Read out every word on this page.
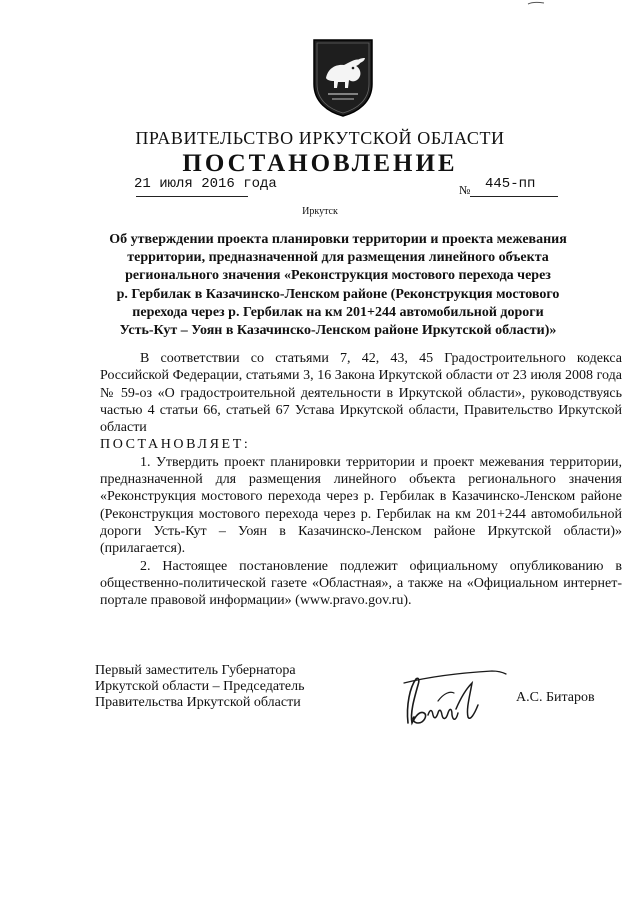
ПРАВИТЕЛЬСТВО ИРКУТСКОЙ ОБЛАСТИ
ПОСТАНОВЛЕНИЕ
21 июля 2016 года	№ 445-пп
Иркутск
Об утверждении проекта планировки территории и проекта межевания
территории, предназначенной для размещения линейного объекта
регионального значения «Реконструкция мостового перехода через
р. Гербилак в Казачинско-Ленском районе (Реконструкция мостового
перехода через р. Гербилак на км 201+244 автомобильной дороги
Усть-Кут – Уоян в Казачинско-Ленском районе Иркутской области)»

В соответствии со статьями 7, 42, 43, 45 Градостроительного кодекса Российской Федерации, статьями 3, 16 Закона Иркутской области от 23 июля 2008 года № 59-оз «О градостроительной деятельности в Иркутской области», руководствуясь частью 4 статьи 66, статьей 67 Устава Иркутской области, Правительство Иркутской области

ПОСТАНОВЛЯЕТ:

1. Утвердить проект планировки территории и проект межевания территории, предназначенной для размещения линейного объекта регионального значения «Реконструкция мостового перехода через р. Гербилак в Казачинско-Ленском районе (Реконструкция мостового перехода через р. Гербилак на км 201+244 автомобильной дороги Усть-Кут – Уоян в Казачинско-Ленском районе Иркутской области)» (прилагается).

2. Настоящее постановление подлежит официальному опубликованию в общественно-политической газете «Областная», а также на «Официальном интернет-портале правовой информации» (www.pravo.gov.ru).

Первый заместитель Губернатора
Иркутской области – Председатель
Правительства Иркутской области	А.С. Битаров
